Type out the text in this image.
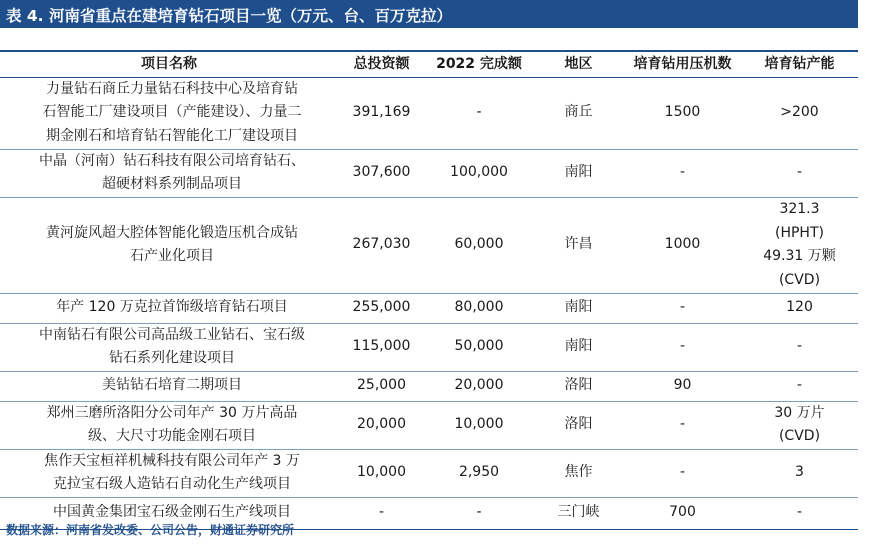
表 4. 河南省重点在建培育钻石项目一览（万元、台、百万克拉）
项目名称	总投资额	2022 完成额	地区	培育钻用压机数	培育钻产能
力量钻石商丘力量钻石科技中心及培育钻
石智能工厂建设项目（产能建设）、力量二
期金刚石和培育钻石智能化工厂建设项目	391,169	-	商丘	1500	>200
中晶（河南）钻石科技有限公司培育钻石、
超硬材料系列制品项目	307,600	100,000	南阳	-	-
黄河旋风超大腔体智能化锻造压机合成钻
石产业化项目	267,030	60,000	许昌	1000	321.3
(HPHT)
49.31 万颗
(CVD)
年产 120 万克拉首饰级培育钻石项目	255,000	80,000	南阳	-	120
中南钻石有限公司高品级工业钻石、宝石级
钻石系列化建设项目	115,000	50,000	南阳	-	-
美钻钻石培育二期项目	25,000	20,000	洛阳	90	-
郑州三磨所洛阳分公司年产 30 万片高品
级、大尺寸功能金刚石项目	20,000	10,000	洛阳	-	30 万片
(CVD)
焦作天宝桓祥机械科技有限公司年产 3 万
克拉宝石级人造钻石自动化生产线项目	10,000	2,950	焦作	-	3
中国黄金集团宝石级金刚石生产线项目	-	-	三门峡	700	-
数据来源：河南省发改委、公司公告，财通证券研究所
